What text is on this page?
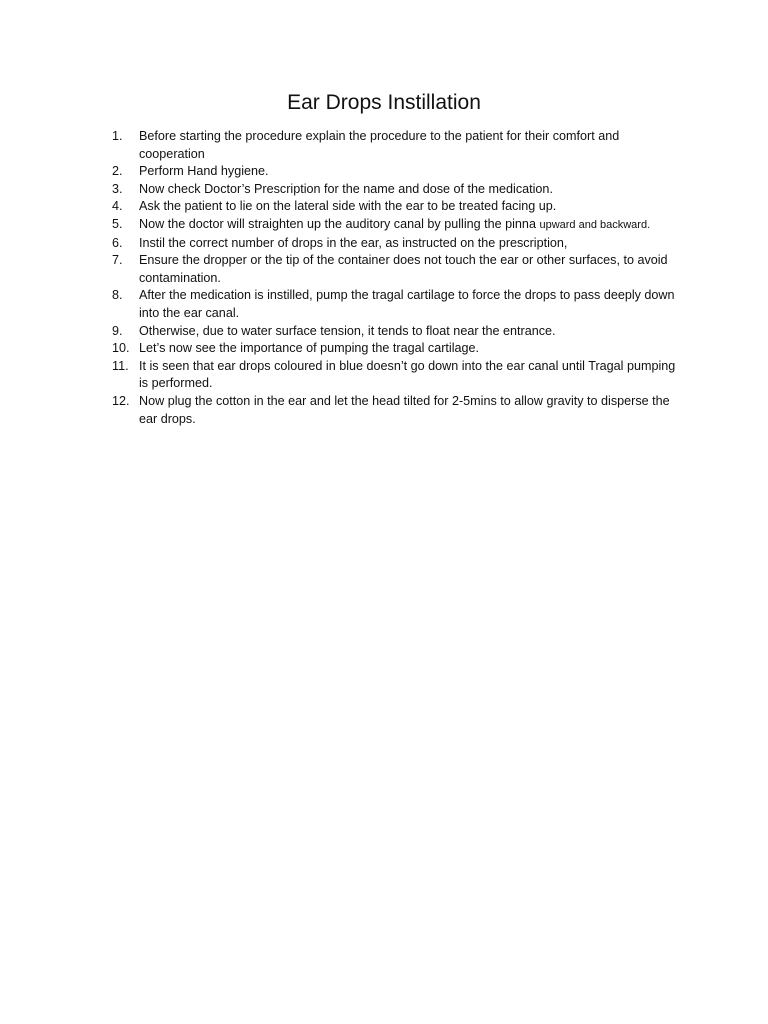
Ear Drops Instillation
1.	Before starting the procedure explain the procedure to the patient for their comfort and cooperation
2.	Perform Hand hygiene.
3.	Now check Doctor’s Prescription for the name and dose of the medication.
4.	Ask the patient to lie on the lateral side with the ear to be treated facing up.
5.	Now the doctor will straighten up the auditory canal by pulling the pinna upward and backward.
6.	Instil the correct number of drops in the ear, as instructed on the prescription,
7.	Ensure the dropper or the tip of the container does not touch the ear or other surfaces, to avoid contamination.
8.	After the medication is instilled, pump the tragal cartilage to force the drops to pass deeply down into the ear canal.
9.	Otherwise, due to water surface tension, it tends to float near the entrance.
10. Let’s now see the importance of pumping the tragal cartilage.
11. It is seen that ear drops coloured in blue doesn’t go down into the ear canal until Tragal pumping is performed.
12. Now plug the cotton in the ear and let the head tilted for 2-5mins to allow gravity to disperse the ear drops.
